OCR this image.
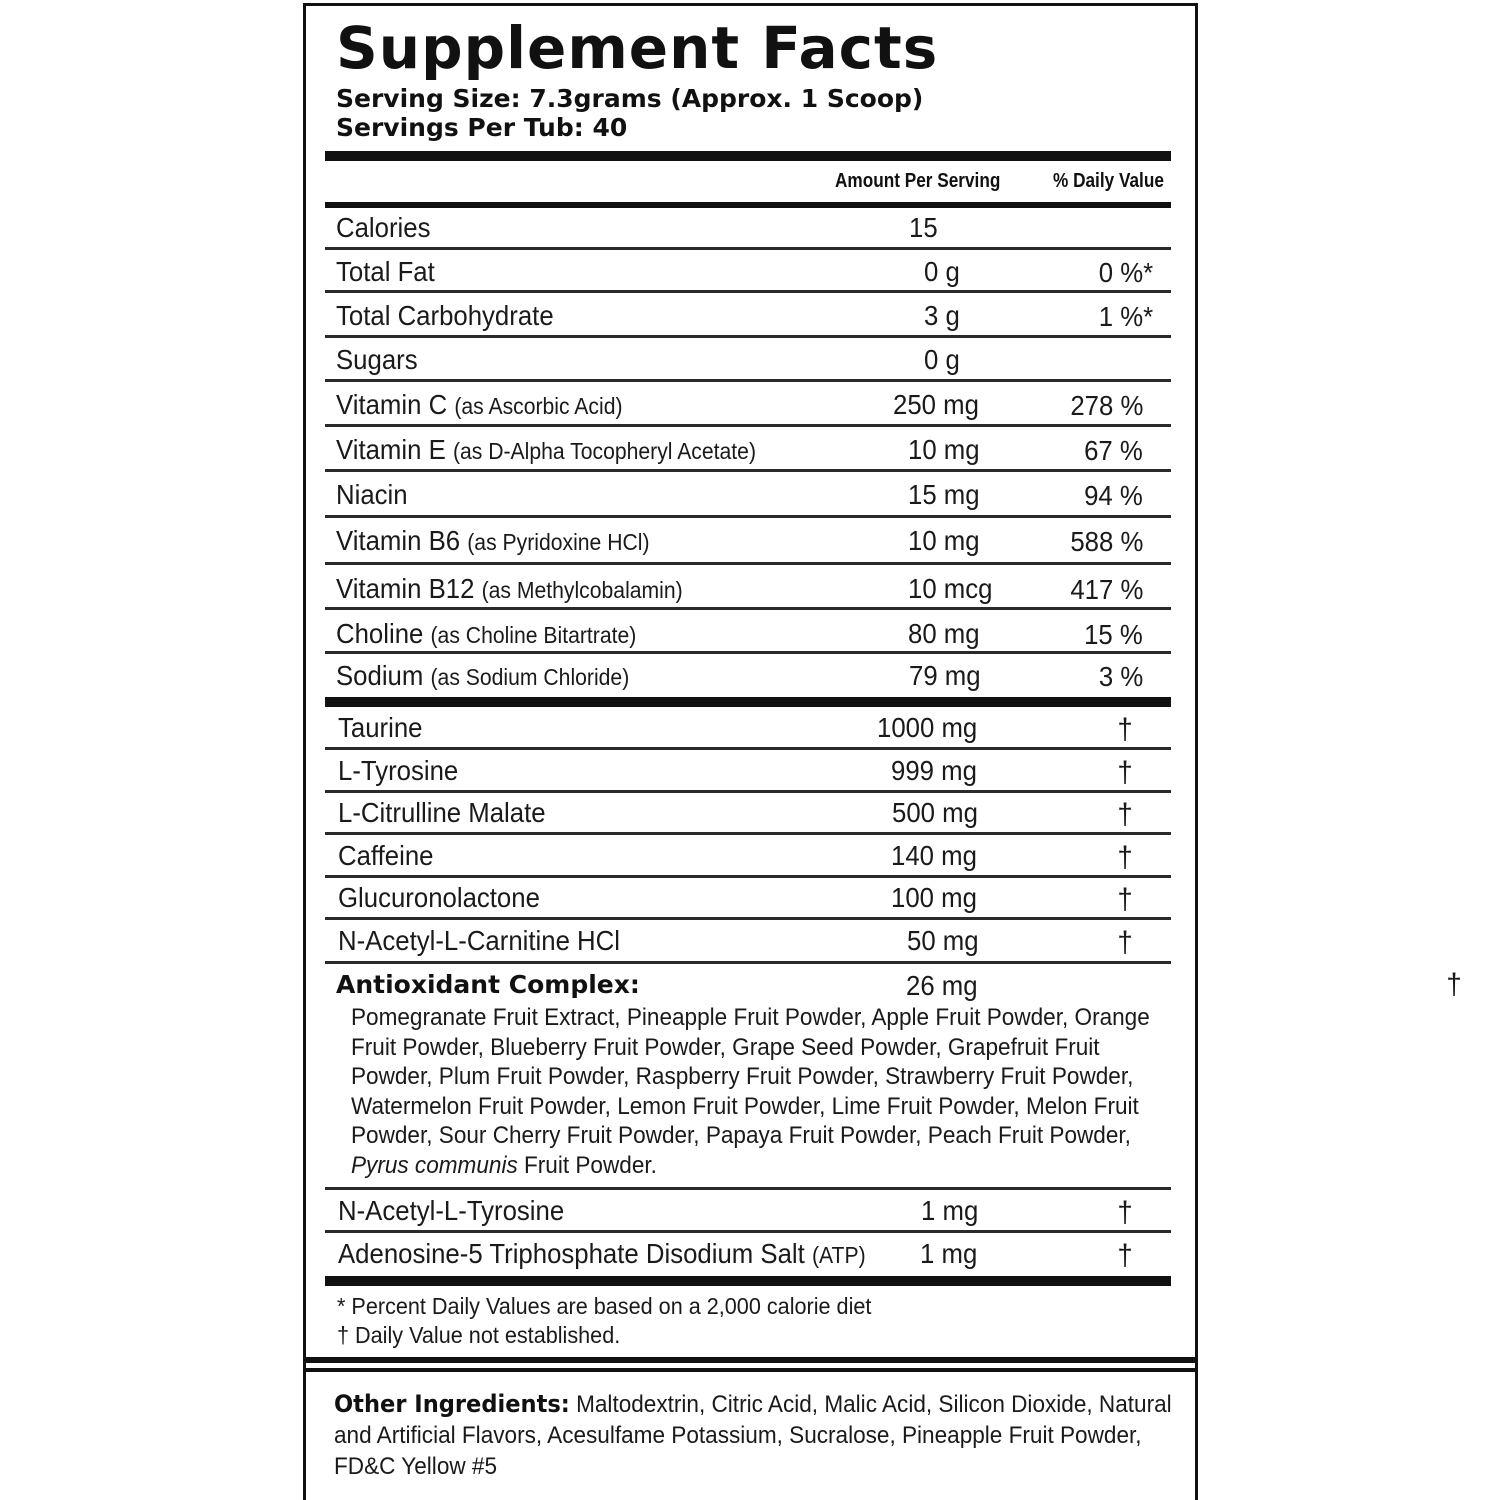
Supplement Facts
Serving Size: 7.3grams (Approx. 1 Scoop)
Servings Per Tub: 40
Amount Per Serving	% Daily Value
Calories	15
Total Fat	0 g	0 %*
Total Carbohydrate	3 g	1 %*
Sugars	0 g
Vitamin C (as Ascorbic Acid)	250 mg	278 %
Vitamin E (as D-Alpha Tocopheryl Acetate)	10 mg	67 %
Niacin	15 mg	94 %
Vitamin B6 (as Pyridoxine HCl)	10 mg	588 %
Vitamin B12 (as Methylcobalamin)	10 mcg	417 %
Choline (as Choline Bitartrate)	80 mg	15 %
Sodium (as Sodium Chloride)	79 mg	3 %
Taurine	1000 mg	†
L-Tyrosine	999 mg	†
L-Citrulline Malate	500 mg	†
Caffeine	140 mg	†
Glucuronolactone	100 mg	†
N-Acetyl-L-Carnitine HCl	50 mg	†
N-Acetyl-L-Tyrosine	1 mg	†
Adenosine-5 Triphosphate Disodium Salt (ATP) 1 mg	†
Antioxidant Complex:	26 mg	†
Pomegranate Fruit Extract, Pineapple Fruit Powder, Apple Fruit Powder, Orange Fruit Powder, Blueberry Fruit Powder, Grape Seed Powder, Grapefruit Fruit Powder, Plum Fruit Powder, Raspberry Fruit Powder, Strawberry Fruit Powder, Watermelon Fruit Powder, Lemon Fruit Powder, Lime Fruit Powder, Melon Fruit Powder, Sour Cherry Fruit Powder, Papaya Fruit Powder, Peach Fruit Powder, Pyrus communis Fruit Powder.
* Percent Daily Values are based on a 2,000 calorie diet
† Daily Value not established.
Other Ingredients: Maltodextrin, Citric Acid, Malic Acid, Silicon Dioxide, Natural and Artificial Flavors, Acesulfame Potassium, Sucralose, Pineapple Fruit Powder, FD&C Yellow #5
